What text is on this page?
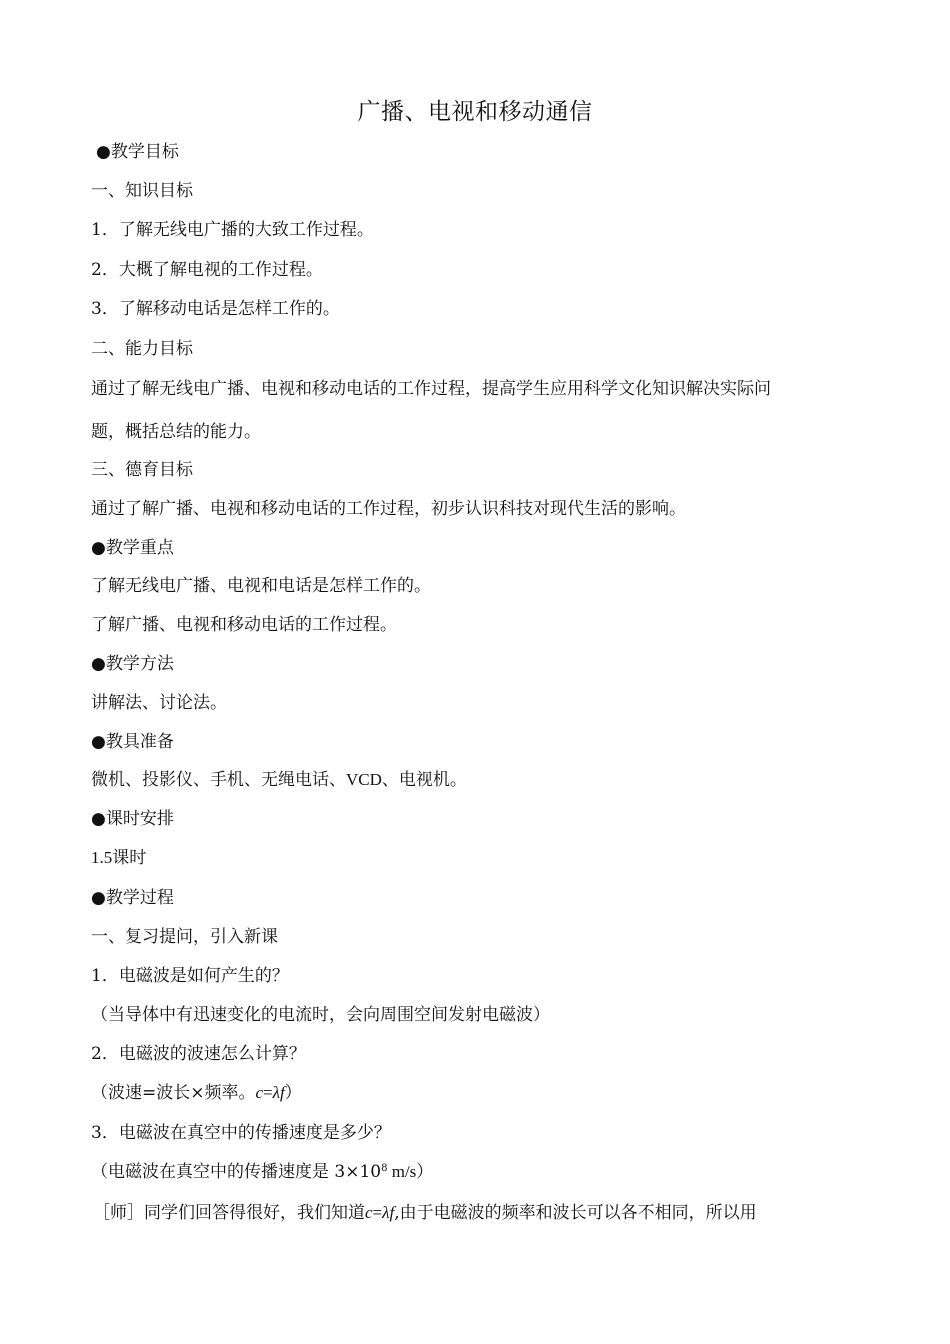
广播、电视和移动通信
●教学目标
一、知识目标
1．了解无线电广播的大致工作过程。
2．大概了解电视的工作过程。
3．了解移动电话是怎样工作的。
二、能力目标
通过了解无线电广播、电视和移动电话的工作过程，提高学生应用科学文化知识解决实际问
题，概括总结的能力。
三、德育目标
通过了解广播、电视和移动电话的工作过程，初步认识科技对现代生活的影响。
●教学重点
了解无线电广播、电视和电话是怎样工作的。
了解广播、电视和移动电话的工作过程。
●教学方法
讲解法、讨论法。
●教具准备
微机、投影仪、手机、无绳电话、VCD、电视机。
●课时安排
1.5课时
●教学过程
一、复习提问，引入新课
1．电磁波是如何产生的？
（当导体中有迅速变化的电流时，会向周围空间发射电磁波）
2．电磁波的波速怎么计算？
（波速=波长×频率。c=λf）
3．电磁波在真空中的传播速度是多少？
（电磁波在真空中的传播速度是 $3\times 10^8$ m/s）
［师］同学们回答得很好，我们知道c=λf,由于电磁波的频率和波长可以各不相同，所以用
